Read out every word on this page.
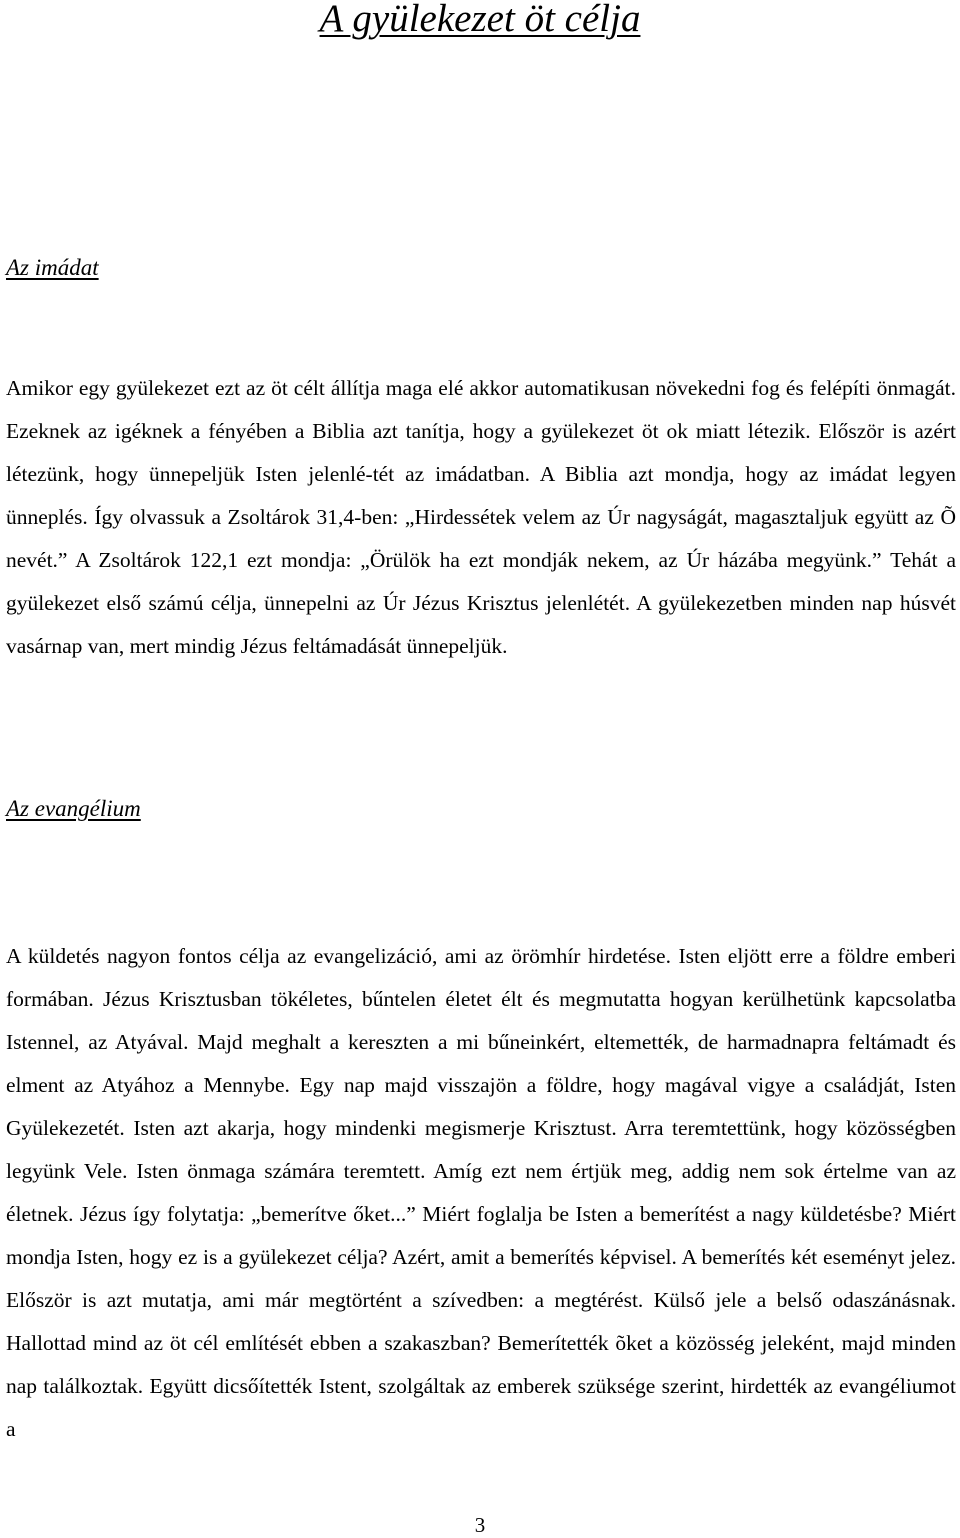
A gyülekezet öt célja
Az imádat

Amikor egy gyülekezet ezt az öt célt állítja maga elé akkor automatikusan növekedni fog és felépíti önmagát. Ezeknek az igéknek a fényében a Biblia azt tanítja, hogy a gyülekezet öt ok miatt létezik. Először is azért létezünk, hogy ünnepeljük Isten jelenlé-tét az imádatban. A Biblia azt mondja, hogy az imádat legyen ünneplés. Így olvassuk a Zsoltárok 31,4-ben: „Hirdessétek velem az Úr nagyságát, magasztaljuk együtt az Õ nevét.” A Zsoltárok 122,1 ezt mondja: „Örülök ha ezt mondják nekem, az Úr házába megyünk.” Tehát a gyülekezet első számú célja, ünnepelni az Úr Jézus Krisztus jelenlétét. A gyülekezetben minden nap húsvét vasárnap van, mert mindig Jézus feltámadását ünnepeljük.

Az evangélium

A küldetés nagyon fontos célja az evangelizáció, ami az örömhír hirdetése. Isten eljött erre a földre emberi formában. Jézus Krisztusban tökéletes, bűntelen életet élt és megmutatta hogyan kerülhetünk kapcsolatba Istennel, az Atyával. Majd meghalt a kereszten a mi bűneinkért, eltemették, de harmadnapra feltámadt és elment az Atyához a Mennybe. Egy nap majd visszajön a földre, hogy magával vigye a családját, Isten Gyülekezetét. Isten azt akarja, hogy mindenki megismerje Krisztust. Arra teremtettünk, hogy közösségben legyünk Vele. Isten önmaga számára teremtett. Amíg ezt nem értjük meg, addig nem sok értelme van az életnek. Jézus így folytatja: „bemerítve őket...” Miért foglalja be Isten a bemerítést a nagy küldetésbe? Miért mondja Isten, hogy ez is a gyülekezet célja? Azért, amit a bemerítés képvisel. A bemerítés két eseményt jelez. Először is azt mutatja, ami már megtörtént a szívedben: a megtérést. Külső jele a belső odaszánásnak. Hallottad mind az öt cél említését ebben a szakaszban? Bemerítették õket a közösség jeleként, majd minden nap találkoztak. Együtt dicsőítették Istent, szolgáltak az emberek szüksége szerint, hirdették az evangéliumot a

3
